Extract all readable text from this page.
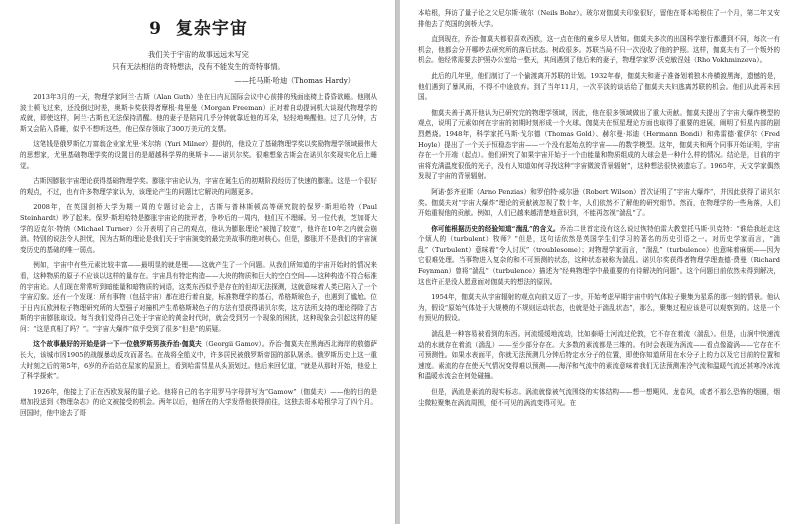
9 复杂宇宙

我们关于宇宙的故事远远未写完

只有无法相信的奇特想法，没有不能发生的奇特事情。

——托马斯·哈迪（Thomas Hardy）

2013年3月的一天，物理学家阿兰·古斯（Alan Guth）坐在日内瓦国际会议中心前排的残面座椅上昏昏欲睡。他刚从波士顿飞过来，还没倒过时差，奥斯卡奖获得者摩根·弗里曼（Morgan Freeman）正对着自动提词机大谈现代物理学的成就，即使这样，阿兰·古斯也无法保持清醒。他的妻子是陪同几乎分钟就靠近他的耳朵，轻轻地唤醒他。过了几分钟，古斯又会陷入昏睡，似乎不想听这些，他已保存领取了300万美元的支票。

这笔钱是俄罗斯亿万富翁企业家尤里·米尔纳（Yuri Milner）提供的，他设立了基础物理学奖以奖励物理学领域最伟大的思想家，尤里基础物理学奖的设置目的是超越科学界的奥斯卡——诺贝尔奖。很难想象古斯会在诺贝尔奖现实化后上睡觉。

古斯因膨胀宇宙理论获得基础物理学奖。膨胀宇宙论认为，宇宙在诞生后的初期阶段经历了快速的膨胀。这是一个很好的观点，不过，也有许多物理学家认为，该理论产生的问题比它解决的问题更多。

2008年，在英国剑桥大学为期一周的专题讨论会上，古斯与普林斯顿高等研究院的保罗·斯坦哈特（Paul Steinhardt）吵了起来。保罗·斯坦哈特是膨胀宇宙论的批评者，争吵后的一周内，他们互不理睬。另一位代表，芝加哥大学的迈克尔·特纳（Michael Turner）公开表明了自己的观点，他认为膨胀理论“被抛了较宽”，他许在10年之内就会崩溃。特别的说法令人担忧，因为古斯的理论是我们关于宇宙演变的最完美故事的绝对核心。但是，膨胀并不是我们的宇宙演变历史的基础的唯一弱点。

例如，宇宙中有些元素比较丰富——最明显的就是锂——这就产生了一个问题。从我们所知道的宇宙开始时的情况来看，这种物质的原子不应该以这样的量存在。宇宙具有特定构造——大块的物质和巨大的空白空间——这种构造不符合标准的宇宙论。人们现在常常听到暗能量和暗物质的词语，这类东西似乎是存在的但却无法探测，这就意味着人类已陷入了一个宇宙幻象。还有一个发现：所有事物（包括宇宙）都在进行着自旋，标准物理学的基石，希格斯玻色子，也遇到了尴尬。位于日内瓦欧洲粒子物理研究所的大型强子对撞机产生希格斯玻色子的方法有望获得诺贝尔奖，这方法所支持的理论得除了古斯的宇宙膨胀取设。每当我们觉得自己处于宇宙论的黄金时代时，就会受到另一个现象的困扰，这种现象会引起这样的疑问：“这是真相了吗？”。“宇宙大爆炸”似乎受到了很多“但是”的质疑。

这个故事最好的开始是讲一下一位俄罗斯男孩乔治·伽莫夫（Georgii Gamov）。乔治·伽莫夫在黑海西北海岸的敖德萨长大，该城市因1905的战舰暴动反攻而著名。在战将全船义中，许多居民被俄罗斯帝国的部队屠杀。俄罗斯历史上这一重大时刻之后的第5年，6岁的乔治站在屋家的屋顶上，看到哈雷彗星从头顶划过。他后来回忆道，“就是从那时开始，他爱上了科学探索”。

1926年，他接上了正在西欧发展的量子论。他将自己的名字用罗马字母拼写为“Gamow”（伽莫夫）——他的目的是增加投送到《物理杂志》的论文被接受的机会。两年以后，他所在的大学发帮他获得前往，这独去哥本哈根学习了四个月。回国时，他中途去了哥

本哈根，拜访了量子论之父尼尔斯·玻尔（Neils Bohr）。玻尔对伽莫夫印象很好，留他在哥本哈根住了一个月，第二年又安排他去了英国的剑桥大学。

直到现在，乔治·伽莫夫都很喜欢西欧，这一点在他的童乡尽人皆知。伽莫夫多次的出国科学旅行都遭到不同，每次一有机会，他都会分开哪吵去研究所的落后状态。树政很多。苏联当局不只一次没收了他的护照。这样，伽莫夫有了一个叛外的机会。他经常需要去护照办公室给一整天，其间遇到了他后来的妻子，物理学家罗·沃克敏涅娃（Rho Vokhminzeva）。

此后的几年里，他们制订了一个偷渡离开苏联的计划。1932年春，伽莫夫和妻子准备划着独木舟横渡黑海，遗憾的是，他们遇到了暴风雨，不得不中途放弃。到了当年11月，一次平淡的谈话给了伽莫夫夫妇逃离苏联的机会。他们从此再未回国。

伽莫夫善于离开他认为已研究完的物理学领域，因此，他在很多领域做出了重大贡献。伽莫夫提出了宇宙大爆炸模型的观点，说明了元素如何在宇宙的初期时刻形成一个火球。伽莫夫在恒星理论方面也取得了重要的进展，阐明了恒星内部的剧烈燃烧。1948年，科学家托马斯·戈尔德（Thomas Gold）、赫尔曼·邦迪（Hermann Bondi）和弗雷德·霍伊尔（Fred Hoyle）提出了一个关于恒稳态宇宙——一个没有起始点的宇宙——的数学模型。这年，伽莫夫和两个同事开始证明，宇宙存在一个开端（起点）。他们研究了如果宇宙开始于一个由能量和物质组成的大球会是一种什么样的情况。结论是，目前的宇宙将充满温度很低的光子，没有人知道如何寻找这种“宇宙微波背景辐射”，这种想法很快被遗忘了。1965年，天文学家偶然发现了宇宙的背景辐射。

阿诺·彭齐亚斯（Arno Penzias）和罗伯特·威尔逊（Robert Wilson）首次证明了“宇宙大爆炸”，并因此获得了诺贝尔奖。伽莫夫对“宇宙大爆炸”理论的贡献被忽视了数十年，人们依然不了解他的研究细节。然而，在物理学的一些角落，人们开始重视他的贡献。例如，人们已越来越清楚地意识到，不能再忽视“湍乱”了。

你可能根据历史的经验知道“湍乱”的含义。乔治二世首定没有这么说过恢特伯雷大教堂托马斯·贝克特：“谁给我赶走这个烦人的（turbulent）牧师？”但是，这句话依然是英国学生们学习的著名的历史引语之一。对历史学家而言，“湍乱”（Turbulent）意味着“令人讨厌”（troublesome）；对物理学家而言，“湍乱”（turbulence）也意味着麻烦——因为它很难处理。当事物进入复杂的和不可预测的状态，这种状态被称为湍乱。诺贝尔奖获得者物理学理查德·费曼（Richard Feynman）曾将“湍乱”（turbulence）描述为“经典物理学中最重要的有待解决的问题”。这个问题目前依然未得到解决，这也许正是没人愿意面对伽莫夫的想法的原因。

1954年，伽莫夫从宇宙辐射的观点向前又迈了一步，开始考虑早期宇宙中的气体粒子聚集为星系的那一刻的情景。他认为，假设“原始气体处于大规模的不规则运动状态，也就是处于湍乱状态”，那么，聚集过程应该是可以观察到的。这是一个有预见的假设。

湍乱是一种容易被看到的东西。河流缓缓地流动，比如泰晤士河流过伦敦，它不存在着流（湍乱）。但是，山涧中快速流动的水就存在着流（湍乱）——至少部分存在。大多数的素流都是三维的。有时会表现为涡流——看点像漩涡——它存在不可预测性。如果水表面平，你就无法预测几分钟后特定水分子的位置，即使你知道所用在水分子上的力以及它目前的位置和速度。素流的存在使天气情况变得难以预测——海洋和气流中的素流意味着我们无法预测准冷气流和温暖气流还甚寒冷冰流和温暖水流会在何处碰撞。

但是，涡流是素流的现实标志。涡流就像被气流围绕的实体结构——想一想飓风、龙卷风，或者不那么恐怖的烟圈，烟尘微粒聚集在涡流周围，便不可见的涡流变得可见。在
